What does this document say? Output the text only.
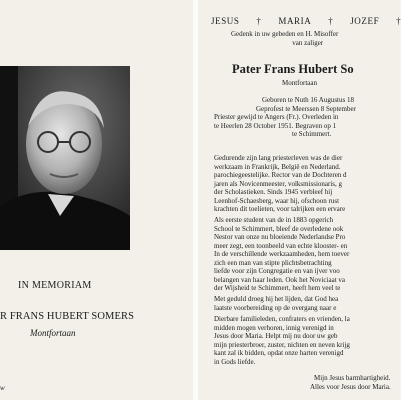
IN MEMORIAM
R FRANS HUBERT SOMERS
Montfortaan
w
JESUS † MARIA † JOZEF †
Gedenk in uw gebeden en H. Misoffer
van zaliger
Pater Frans Hubert So
Montfortaan
Geboren te Nuth 16 Augustus 18
Geprofest te Meerssen 8 September
Priester gewijd te Angers (Fr.). Overleden in
te Heerlen 28 October 1951. Begraven op 1
te Schimmert.
Gedurende zijn lang priesterleven was de dier
werkzaam in Frankrijk, België en Nederland.
parochiegeestelijke. Rector van de Dochteren d
jaren als Novicenmeester, volksmissionaris, g
der Scholastieken. Sinds 1945 verbleef hij
Leenhof-Schaesberg, waar hij, ofschoon rust
krachten dit toelieten, voor talrijken een ervare
Als eerste student van de in 1883 opgerich
School te Schimmert, bleef de overledene ook
Nestor van onze nu bloeiende Nederlandse Pro
meer zegt, een toonbeeld van echte klooster- en
In de verschillende werkzaamheden, hem toever
zich een man van stipte plichtsbetrachting
liefde voor zijn Congregatie en van ijver voo
belangen van haar leden. Ook het Noviciaat va
der Wijsheid te Schimmert, heeft hem veel te
Met geduld droeg hij het lijden, dat God hea
laatste voorbereiding op de overgang naar e
Dierbare familieleden, confraters en vrienden, la
midden mogen verhoren, innig verenigd in
Jesus door Maria. Helpt mij nu door uw geb
mijn priesterbroer, zuster, nichten en neven krijg
kant zal ik bidden, opdat onze harten verenigd
in Gods liefde.
Mijn Jesus barmhartigheid.
Alles voor Jesus door Maria.
